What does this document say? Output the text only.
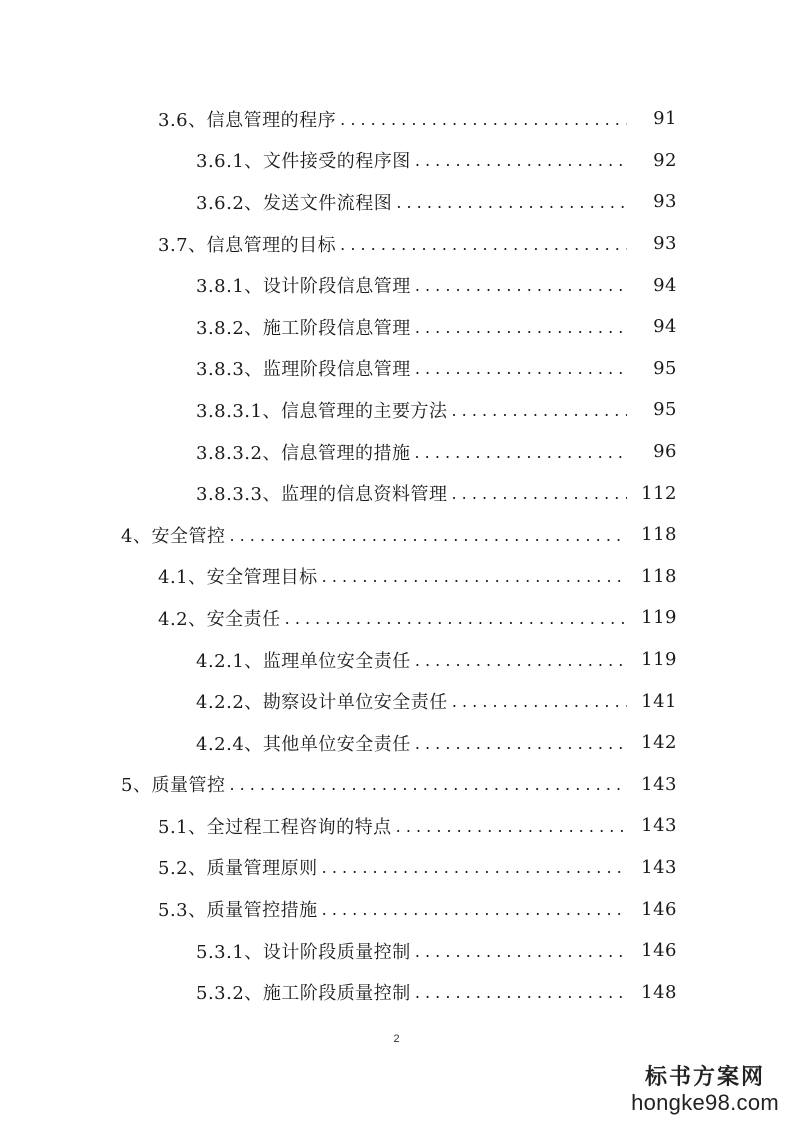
3.6、 信息管理的程序 . . .	91
3.6.1、 文件接受的程序图 . . .	92
3.6.2、 发送文件流程图 . . .	93
3.7、 信息管理的目标 . . .	93
3.8.1、 设计阶段信息管理 . . .	94
3.8.2、 施工阶段信息管理 . . .	94
3.8.3、 监理阶段信息管理 . . .	95
3.8.3.1、 信息管理的主要方法 . . .	95
3.8.3.2、 信息管理的措施 . . .	96
3.8.3.3、 监理的信息资料管理 . . .	112
4、 安全管控 . . .	118
4.1、 安全管理目标 . . .	118
4.2、 安全责任 . . .	119
4.2.1、 监理单位安全责任 . . .	119
4.2.2、 勘察设计单位安全责任 . . .	141
4.2.4、 其他单位安全责任 . . .	142
5、 质量管控 . . .	143
5.1、 全过程工程咨询的特点 . . .	143
5.2、 质量管理原则 . . .	143
5.3、 质量管控措施 . . .	146
5.3.1、 设计阶段质量控制 . . .	146
5.3.2、 施工阶段质量控制 . . .	148
2
标书方案网
hongke98.com
